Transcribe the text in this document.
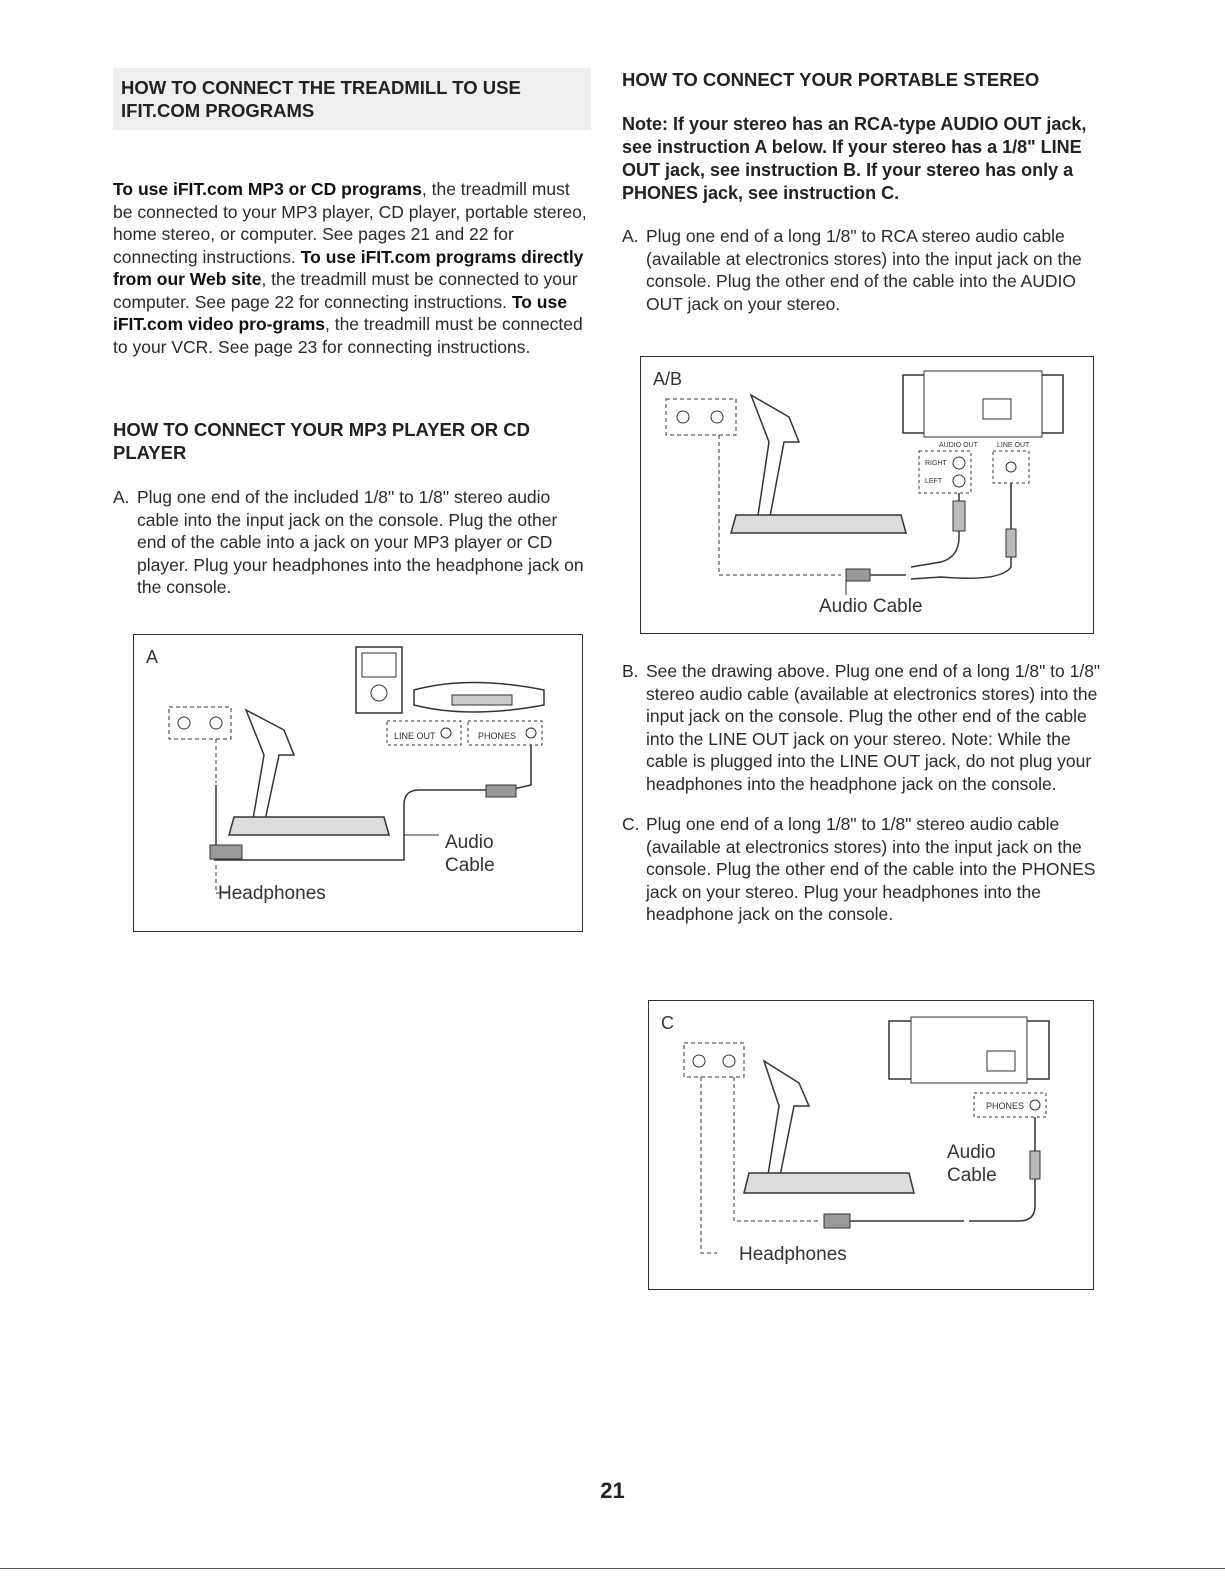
HOW TO CONNECT THE TREADMILL TO USE
IFIT.COM PROGRAMS

To use iFIT.com MP3 or CD programs, the treadmill must be connected to your MP3 player, CD player, portable stereo, home stereo, or computer. See pages 21 and 22 for connecting instructions. To use iFIT.com programs directly from our Web site, the treadmill must be connected to your computer. See page 22 for connecting instructions. To use iFIT.com video pro-grams, the treadmill must be connected to your VCR. See page 23 for connecting instructions.

HOW TO CONNECT YOUR MP3 PLAYER OR CD PLAYER

A. Plug one end of the included 1/8" to 1/8" stereo audio cable into the input jack on the console. Plug the other end of the cable into a jack on your MP3 player or CD player. Plug your headphones into the headphone jack on the console.

A
LINE OUT	PHONES
Audio
Cable
Headphones
HOW TO CONNECT YOUR PORTABLE STEREO

Note: If your stereo has an RCA-type AUDIO OUT jack, see instruction A below. If your stereo has a 1/8" LINE OUT jack, see instruction B. If your stereo has only a PHONES jack, see instruction C.

A. Plug one end of a long 1/8" to RCA stereo audio cable (available at electronics stores) into the input jack on the console. Plug the other end of the cable into the AUDIO OUT jack on your stereo.

A/B
AUDIO OUT	LINE OUT
RIGHT
LEFT
Audio Cable

B. See the drawing above. Plug one end of a long 1/8" to 1/8" stereo audio cable (available at electronics stores) into the input jack on the console. Plug the other end of the cable into the LINE OUT jack on your stereo. Note: While the cable is plugged into the LINE OUT jack, do not plug your headphones into the headphone jack on the console.

C. Plug one end of a long 1/8" to 1/8" stereo audio cable (available at electronics stores) into the input jack on the console. Plug the other end of the cable into the PHONES jack on your stereo. Plug your headphones into the headphone jack on the console.

C
PHONES
Audio
Cable
Headphones
21
